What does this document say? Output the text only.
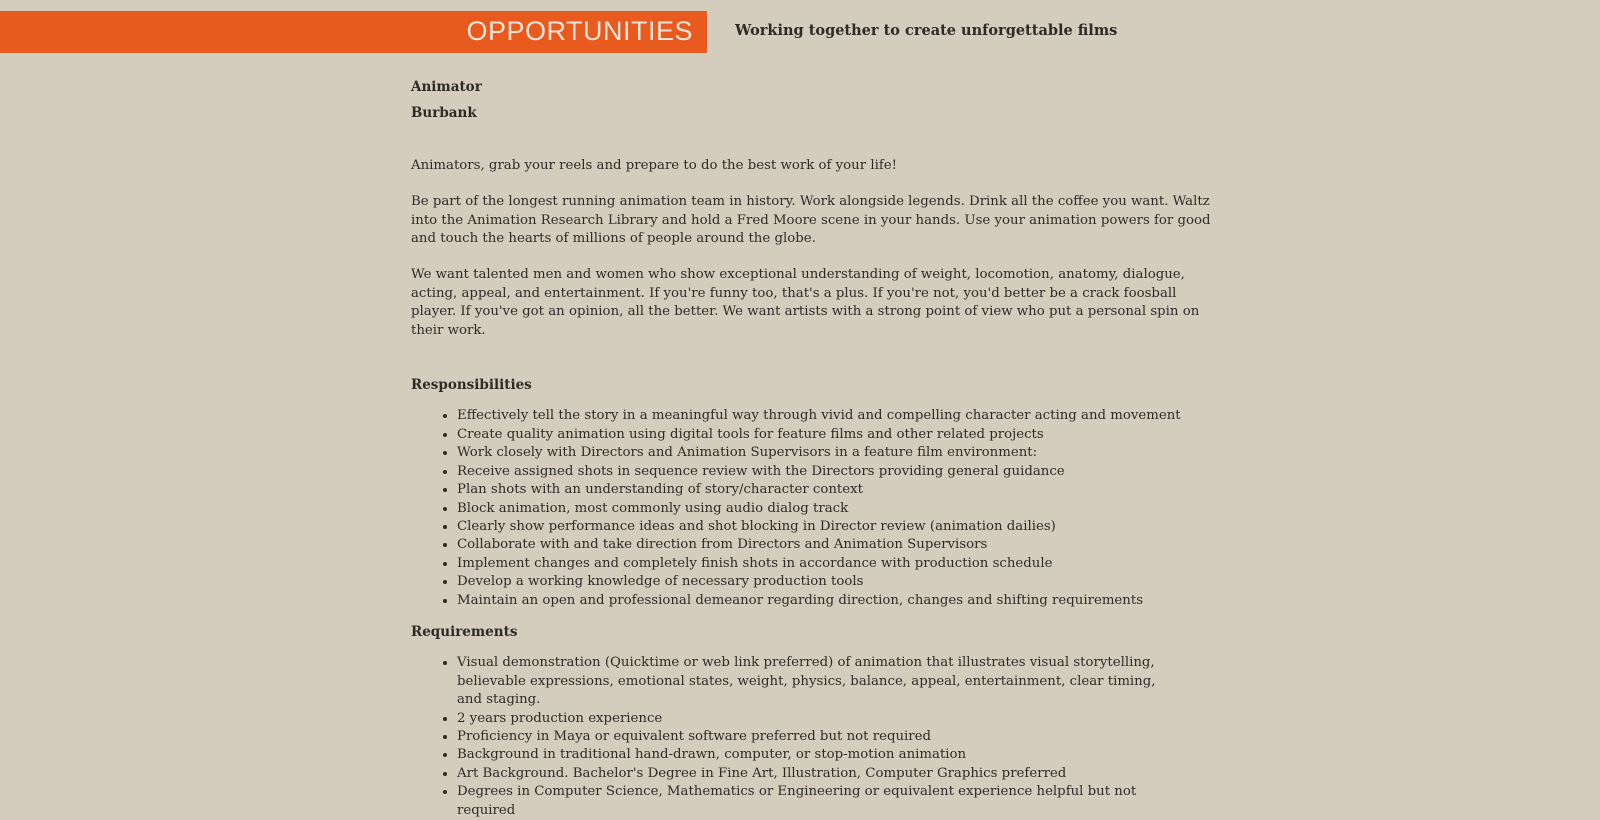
OPPORTUNITIES	Working together to create unforgettable films

Animator

Burbank

Animators, grab your reels and prepare to do the best work of your life!

Be part of the longest running animation team in history. Work alongside legends. Drink all the coffee you want. Waltz into the Animation Research Library and hold a Fred Moore scene in your hands. Use your animation powers for good and touch the hearts of millions of people around the globe.

We want talented men and women who show exceptional understanding of weight, locomotion, anatomy, dialogue, acting, appeal, and entertainment. If you're funny too, that's a plus. If you're not, you'd better be a crack foosball player. If you've got an opinion, all the better. We want artists with a strong point of view who put a personal spin on their work.

Responsibilities

• Effectively tell the story in a meaningful way through vivid and compelling character acting and movement
• Create quality animation using digital tools for feature films and other related projects
• Work closely with Directors and Animation Supervisors in a feature film environment:
• Receive assigned shots in sequence review with the Directors providing general guidance
• Plan shots with an understanding of story/character context
• Block animation, most commonly using audio dialog track
• Clearly show performance ideas and shot blocking in Director review (animation dailies)
• Collaborate with and take direction from Directors and Animation Supervisors
• Implement changes and completely finish shots in accordance with production schedule
• Develop a working knowledge of necessary production tools
• Maintain an open and professional demeanor regarding direction, changes and shifting requirements

Requirements

• Visual demonstration (Quicktime or web link preferred) of animation that illustrates visual storytelling, believable expressions, emotional states, weight, physics, balance, appeal, entertainment, clear timing, and staging.
• 2 years production experience
• Proficiency in Maya or equivalent software preferred but not required
• Background in traditional hand-drawn, computer, or stop-motion animation
• Art Background. Bachelor's Degree in Fine Art, Illustration, Computer Graphics preferred
• Degrees in Computer Science, Mathematics or Engineering or equivalent experience helpful but not required
